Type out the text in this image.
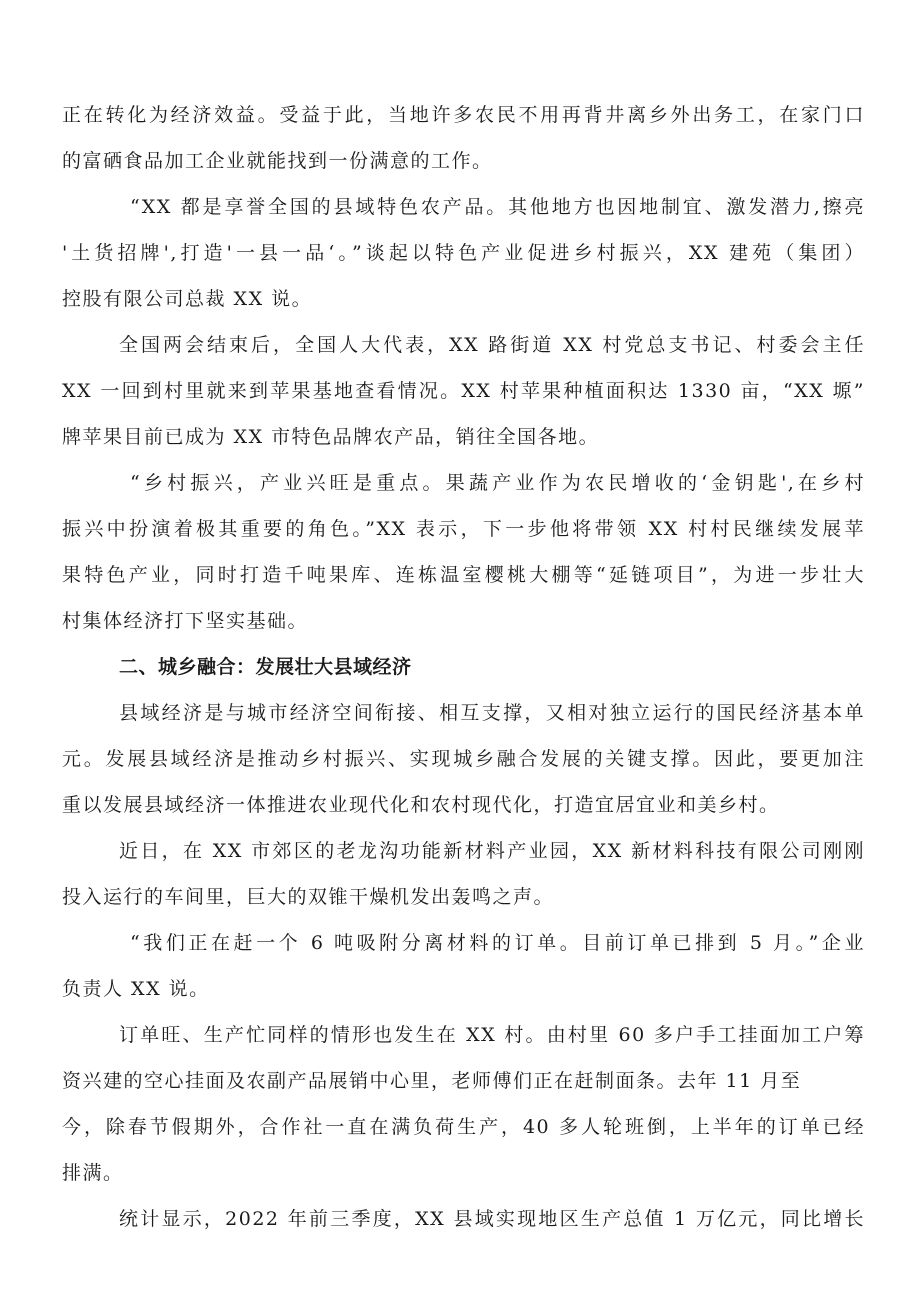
正在转化为经济效益。受益于此，当地许多农民不用再背井离乡外出务工，在家门口
的富硒食品加工企业就能找到一份满意的工作。
“XX 都是享誉全国的县域特色农产品。其他地方也因地制宜、激发潜力,擦亮
'土货招牌',打造'一县一品‘。”谈起以特色产业促进乡村振兴，XX 建苑（集团）
控股有限公司总裁 XX 说。
全国两会结束后，全国人大代表，XX 路街道 XX 村党总支书记、村委会主任
XX 一回到村里就来到苹果基地查看情况。XX 村苹果种植面积达 1330 亩，“XX 塬”
牌苹果目前已成为 XX 市特色品牌农产品，销往全国各地。
“乡村振兴，产业兴旺是重点。果蔬产业作为农民增收的‘金钥匙',在乡村
振兴中扮演着极其重要的角色。”XX 表示，下一步他将带领 XX 村村民继续发展苹
果特色产业，同时打造千吨果库、连栋温室樱桃大棚等“延链项目”，为进一步壮大
村集体经济打下坚实基础。
二、城乡融合：发展壮大县域经济
县域经济是与城市经济空间衔接、相互支撑，又相对独立运行的国民经济基本单
元。发展县域经济是推动乡村振兴、实现城乡融合发展的关键支撑。因此，要更加注
重以发展县域经济一体推进农业现代化和农村现代化，打造宜居宜业和美乡村。
近日，在 XX 市郊区的老龙沟功能新材料产业园，XX 新材料科技有限公司刚刚
投入运行的车间里，巨大的双锥干燥机发出轰鸣之声。
“我们正在赶一个 6 吨吸附分离材料的订单。目前订单已排到 5 月。”企业
负责人 XX 说。
订单旺、生产忙同样的情形也发生在 XX 村。由村里 60 多户手工挂面加工户筹
资兴建的空心挂面及农副产品展销中心里，老师傅们正在赶制面条。去年 11 月至
今，除春节假期外，合作社一直在满负荷生产，40 多人轮班倒，上半年的订单已经
排满。
统计显示，2022 年前三季度，XX 县域实现地区生产总值 1 万亿元，同比增长
